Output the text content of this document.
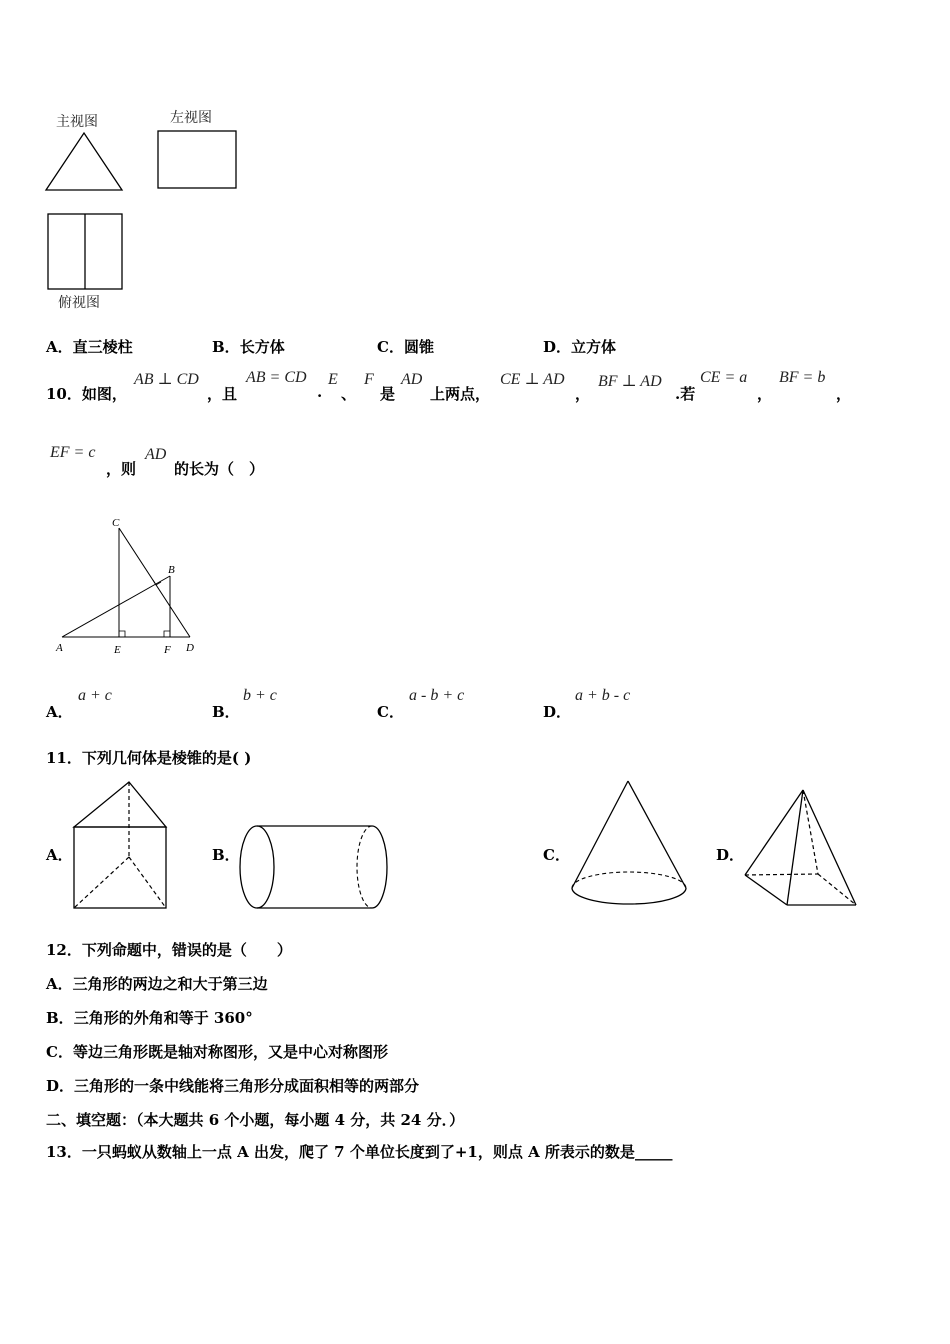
主视图	左视图
俯视图
A．直三棱柱	B．长方体	C．圆锥	D．立方体
10．如图，
AB ⊥ CD
，且
AB = CD
.
E
、
F
是
AD
上两点，
CE ⊥ AD
，
BF ⊥ AD
.若
CE = a
，
BF = b
，
EF = c
，则
AD
的长为（　）
C
B
A	E	F D
A．
a + c
B．
b + c
C．
a - b + c
D．
a + b - c
11．下列几何体是棱锥的是( )
A．	B．	C．	D．
12．下列命题中，错误的是（　　）
A．三角形的两边之和大于第三边
B．三角形的外角和等于 360°
C．等边三角形既是轴对称图形，又是中心对称图形
D．三角形的一条中线能将三角形分成面积相等的两部分
二、填空题：（本大题共 6 个小题，每小题 4 分，共 24 分．）
13．一只蚂蚁从数轴上一点 A 出发，爬了 7 个单位长度到了+1，则点 A 所表示的数是_____
